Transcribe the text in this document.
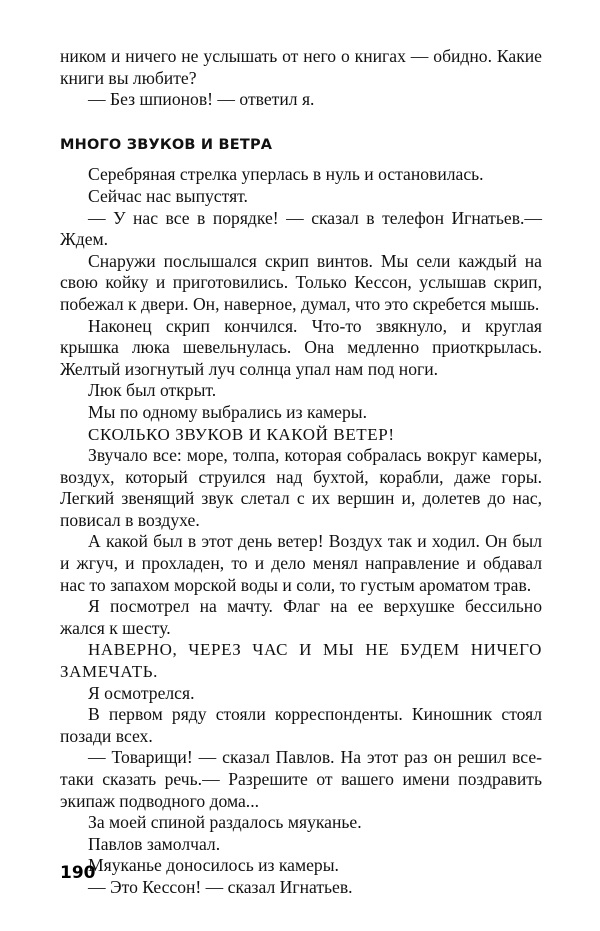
ником и ничего не услышать от него о книгах — обидно. Какие книги вы любите?

— Без шпионов! — ответил я.

МНОГО ЗВУКОВ И ВЕТРА

Серебряная стрелка уперлась в нуль и остановилась.

Сейчас нас выпустят.

— У нас все в порядке! — сказал в телефон Игнатьев.— Ждем.

Снаружи послышался скрип винтов. Мы сели каждый на свою койку и приготовились. Только Кессон, услышав скрип, побежал к двери. Он, наверное, думал, что это скребется мышь.

Наконец скрип кончился. Что-то звякнуло, и круглая крышка люка шевельнулась. Она медленно приоткрылась. Желтый изогнутый луч солнца упал нам под ноги.

Люк был открыт.

Мы по одному выбрались из камеры.

СКОЛЬКО ЗВУКОВ И КАКОЙ ВЕТЕР!

Звучало все: море, толпа, которая собралась вокруг камеры, воздух, который струился над бухтой, корабли, даже горы. Легкий звенящий звук слетал с их вершин и, долетев до нас, повисал в воздухе.

А какой был в этот день ветер! Воздух так и ходил. Он был и жгуч, и прохладен, то и дело менял направление и обдавал нас то запахом морской воды и соли, то густым ароматом трав.

Я посмотрел на мачту. Флаг на ее верхушке бессильно жался к шесту.

НАВЕРНО, ЧЕРЕЗ ЧАС И МЫ НЕ БУДЕМ НИЧЕГО ЗАМЕЧАТЬ.

Я осмотрелся.

В первом ряду стояли корреспонденты. Киношник стоял позади всех.

— Товарищи! — сказал Павлов. На этот раз он решил все-таки сказать речь.— Разрешите от вашего имени поздравить экипаж подводного дома...

За моей спиной раздалось мяуканье.

Павлов замолчал.

Мяуканье доносилось из камеры.

— Это Кессон! — сказал Игнатьев.

190
